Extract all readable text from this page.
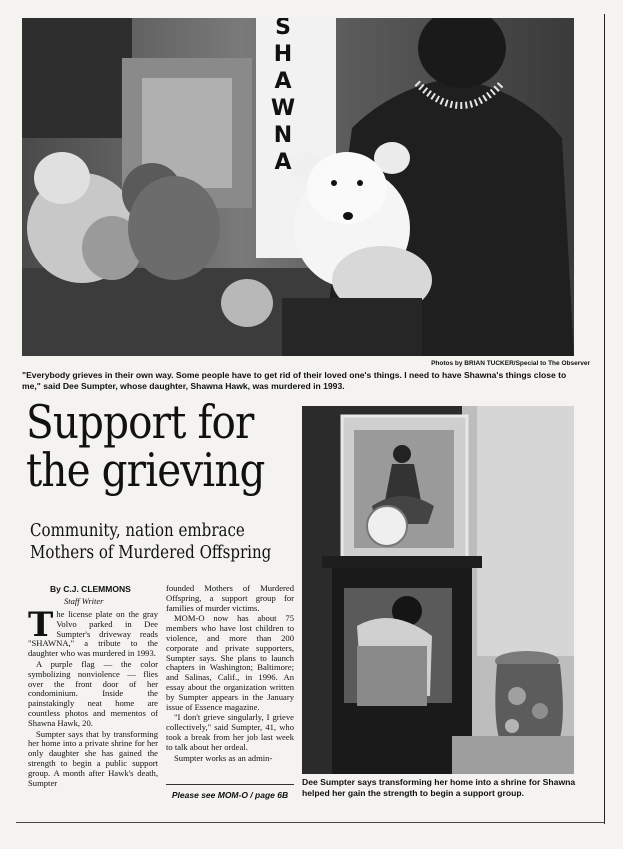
S
H
A
W
N
A
Photos by BRIAN TUCKER/Special to The Observer
"Everybody grieves in their own way. Some people have to get rid of their loved one's things. I need to have Shawna's things close to me," said Dee Sumpter, whose daughter, Shawna Hawk, was murdered in 1993.
Support for
the grieving
Community, nation embrace
Mothers of Murdered Offspring
By C.J. CLEMMONS
Staff Writer

The license plate on the gray Volvo parked in Dee Sumpter's driveway reads "SHAWNA," a tribute to the daughter who was murdered in 1993.

A purple flag — the color symbolizing nonviolence — flies over the front door of her condominium. Inside the painstakingly neat home are countless photos and mementos of Shawna Hawk, 20.

Sumpter says that by transforming her home into a private shrine for her only daughter she has gained the strength to begin a public support group. A month after Hawk's death, Sumpter

founded Mothers of Murdered Offspring, a support group for families of murder victims.

MOM-O now has about 75 members who have lost children to violence, and more than 200 corporate and private supporters, Sumpter says. She plans to launch chapters in Washington; Baltimore; and Salinas, Calif., in 1996. An essay about the organization written by Sumpter appears in the January issue of Essence magazine.

"I don't grieve singularly, I grieve collectively," said Sumpter, 41, who took a break from her job last week to talk about her ordeal.

Sumpter works as an admin-

Please see MOM-O / page 6B
Dee Sumpter says transforming her home into a shrine for Shawna helped her gain the strength to begin a support group.
